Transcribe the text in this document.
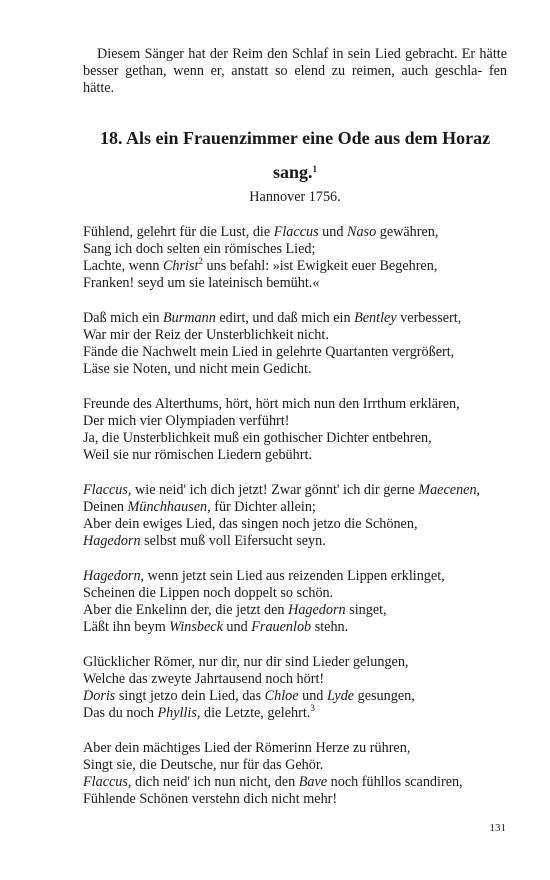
Diesem Sänger hat der Reim den Schlaf in sein Lied gebracht. Er hätte besser gethan, wenn er, anstatt so elend zu reimen, auch geschla- fen hätte.

18. Als ein Frauenzimmer eine Ode aus dem Horaz
sang.$^1$

Hannover 1756.

Fühlend, gelehrt für die Lust, die Flaccus und Naso gewähren,
Sang ich doch selten ein römisches Lied;
Lachte, wenn Christ$^2$ uns befahl: »ist Ewigkeit euer Begehren,
Franken! seyd um sie lateinisch bemüht.«
Daß mich ein Burmann edirt, und daß mich ein Bentley verbessert,
War mir der Reiz der Unsterblichkeit nicht.
Fände die Nachwelt mein Lied in gelehrte Quartanten vergrößert,
Läse sie Noten, und nicht mein Gedicht.
Freunde des Alterthums, hört, hört mich nun den Irrthum erklären,
Der mich vier Olympiaden verführt!
Ja, die Unsterblichkeit muß ein gothischer Dichter entbehren,
Weil sie nur römischen Liedern gebührt.
Flaccus, wie neid' ich dich jetzt! Zwar gönnt' ich dir gerne Maecenen,
Deinen Münchhausen, für Dichter allein;
Aber dein ewiges Lied, das singen noch jetzo die Schönen,
Hagedorn selbst muß voll Eifersucht seyn.
Hagedorn, wenn jetzt sein Lied aus reizenden Lippen erklinget,
Scheinen die Lippen noch doppelt so schön.
Aber die Enkelinn der, die jetzt den Hagedorn singet,
Läßt ihn beym Winsbeck und Frauenlob stehn.
Glücklicher Römer, nur dir, nur dir sind Lieder gelungen,
Welche das zweyte Jahrtausend noch hört!
Doris singt jetzo dein Lied, das Chloe und Lyde gesungen,
Das du noch Phyllis, die Letzte, gelehrt.$^3$
Aber dein mächtiges Lied der Römerinn Herze zu rühren,
Singt sie, die Deutsche, nur für das Gehör.
Flaccus, dich neid' ich nun nicht, den Bave noch fühllos scandiren,
Fühlende Schönen verstehn dich nicht mehr!
131
